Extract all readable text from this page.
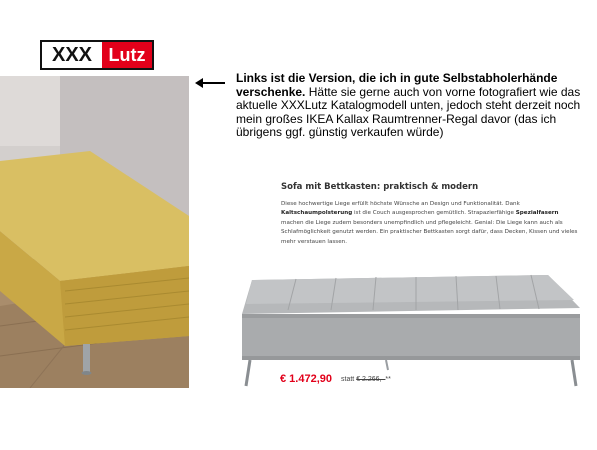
XXX Lutz
Links ist die Version, die ich in gute Selbstabholerhände verschenke. Hätte sie gerne auch von vorne fotografiert wie das aktuelle XXXLutz Katalogmodell unten, jedoch steht derzeit noch mein großes IKEA Kallax Raumtrenner-Regal davor (das ich übrigens ggf. günstig verkaufen würde)
Sofa mit Bettkasten: praktisch & modern
Diese hochwertige Liege erfüllt höchste Wünsche an Design und Funktionalität. Dank Kaltschaumpolsterung ist die Couch ausgesprochen gemütlich. Strapazierfähige Spezialfasern machen die Liege zudem besonders unempfindlich und pflegeleicht. Genial: Die Liege kann auch als Schlafmöglichkeit genutzt werden. Ein praktischer Bettkasten sorgt dafür, dass Decken, Kissen und vieles mehr verstauen lassen.
€ 1.472,90 statt € 2.266,–**
